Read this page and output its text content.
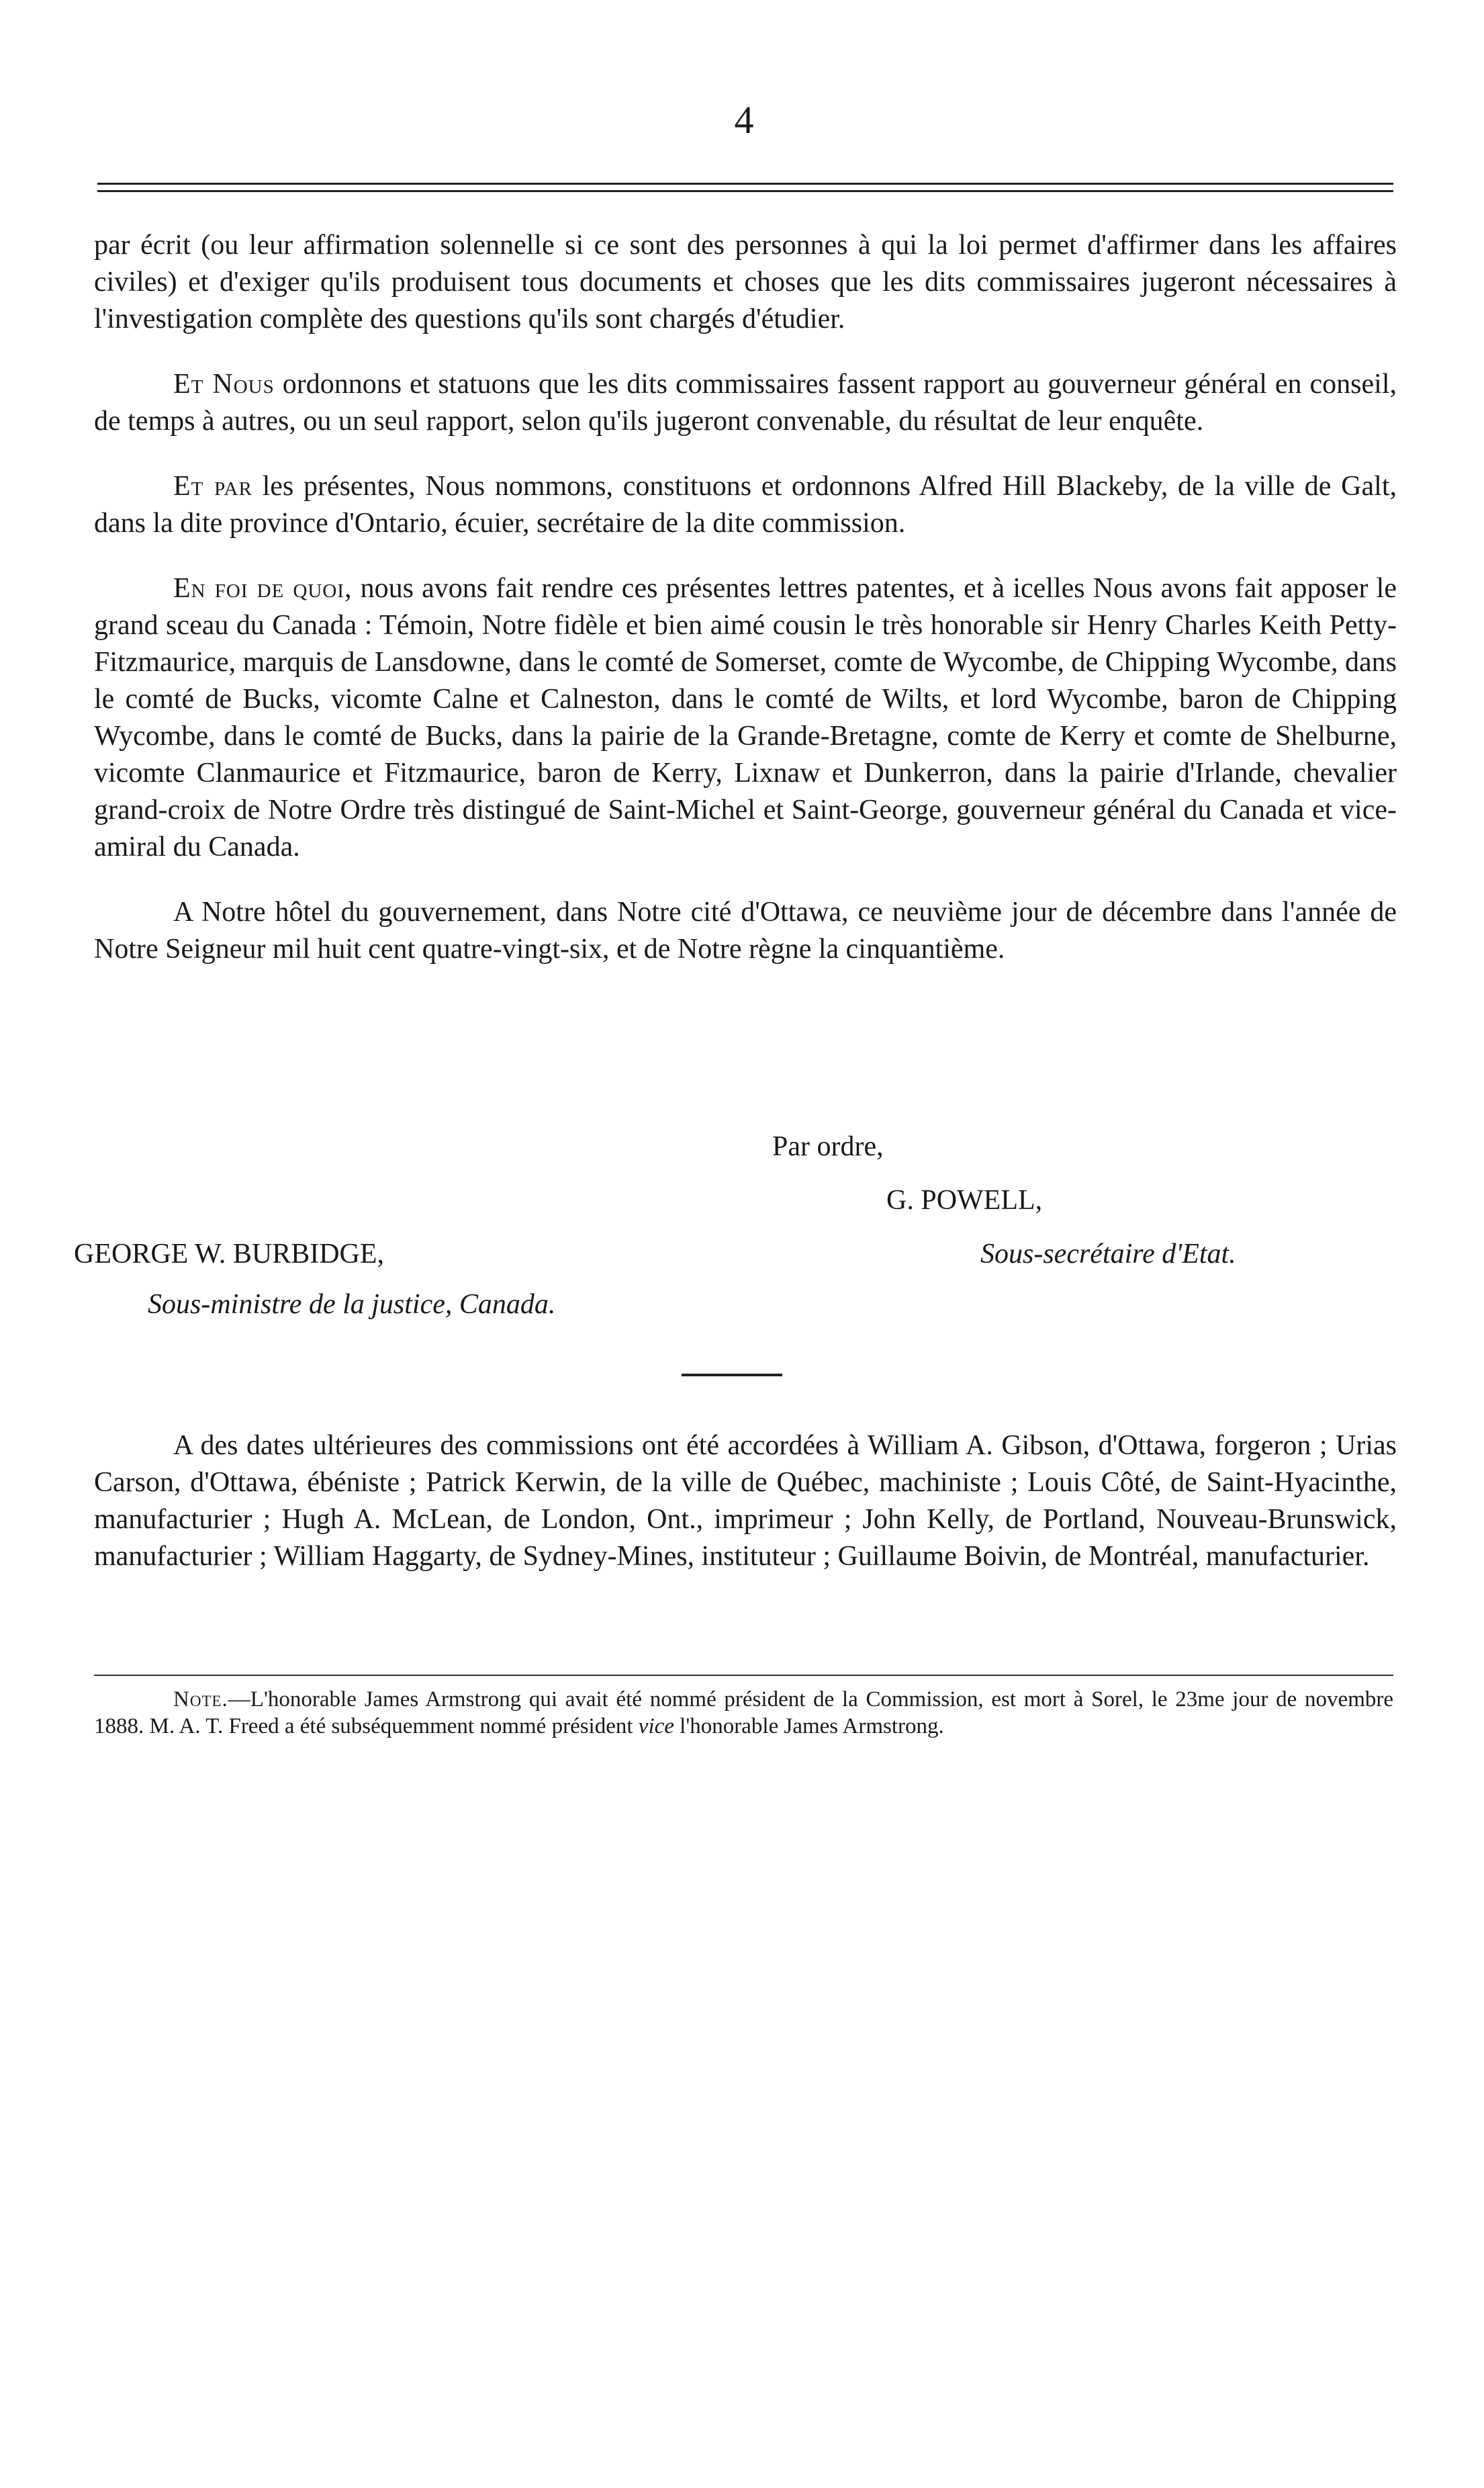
4

par écrit (ou leur affirmation solennelle si ce sont des personnes à qui la loi permet d'affirmer dans les affaires civiles) et d'exiger qu'ils produisent tous documents et choses que les dits commissaires jugeront nécessaires à l'investigation complète des questions qu'ils sont chargés d'étudier.

Et Nous ordonnons et statuons que les dits commissaires fassent rapport au gouverneur général en conseil, de temps à autres, ou un seul rapport, selon qu'ils jugeront convenable, du résultat de leur enquête.

Et par les présentes, Nous nommons, constituons et ordonnons Alfred Hill Blackeby, de la ville de Galt, dans la dite province d'Ontario, écuier, secrétaire de la dite commission.

En foi de quoi, nous avons fait rendre ces présentes lettres patentes, et à icelles Nous avons fait apposer le grand sceau du Canada : Témoin, Notre fidèle et bien aimé cousin le très honorable sir Henry Charles Keith Petty-Fitzmaurice, marquis de Lansdowne, dans le comté de Somerset, comte de Wycombe, de Chipping Wycombe, dans le comté de Bucks, vicomte Calne et Calneston, dans le comté de Wilts, et lord Wycombe, baron de Chipping Wycombe, dans le comté de Bucks, dans la pairie de la Grande-Bretagne, comte de Kerry et comte de Shelburne, vicomte Clanmaurice et Fitzmaurice, baron de Kerry, Lixnaw et Dunkerron, dans la pairie d'Irlande, chevalier grand-croix de Notre Ordre très distingué de Saint-Michel et Saint-George, gouverneur général du Canada et vice-amiral du Canada.

A Notre hôtel du gouvernement, dans Notre cité d'Ottawa, ce neuvième jour de décembre dans l'année de Notre Seigneur mil huit cent quatre-vingt-six, et de Notre règne la cinquantième.

Par ordre,
G. POWELL,
Sous-secrétaire d'Etat.
GEORGE W. BURBIDGE,
Sous-ministre de la justice, Canada.

A des dates ultérieures des commissions ont été accordées à William A. Gibson, d'Ottawa, forgeron ; Urias Carson, d'Ottawa, ébéniste ; Patrick Kerwin, de la ville de Québec, machiniste ; Louis Côté, de Saint-Hyacinthe, manufacturier ; Hugh A. McLean, de London, Ont., imprimeur ; John Kelly, de Portland, Nouveau-Brunswick, manufacturier ; William Haggarty, de Sydney-Mines, instituteur ; Guillaume Boivin, de Montréal, manufacturier.

Note.—L'honorable James Armstrong qui avait été nommé président de la Commission, est mort à Sorel, le 23me jour de novembre 1888. M. A. T. Freed a été subséquemment nommé président vice l'honorable James Armstrong.
